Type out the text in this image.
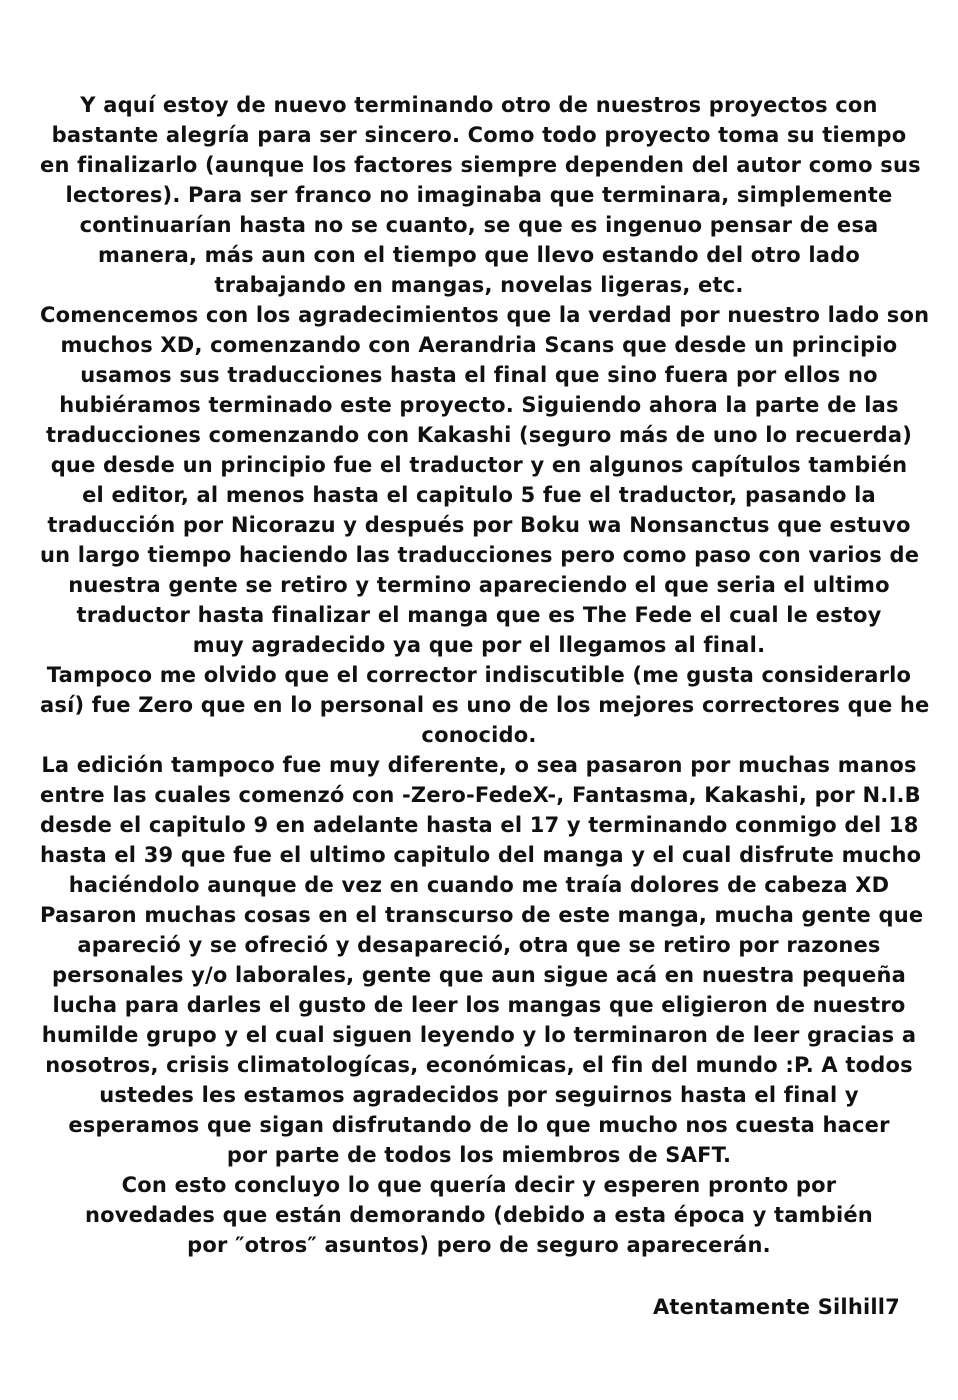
Y aquí estoy de nuevo terminando otro de nuestros proyectos con
bastante alegría para ser sincero. Como todo proyecto toma su tiempo
en finalizarlo (aunque los factores siempre dependen del autor como sus
lectores). Para ser franco no imaginaba que terminara, simplemente
continuarían hasta no se cuanto, se que es ingenuo pensar de esa
manera, más aun con el tiempo que llevo estando del otro lado
trabajando en mangas, novelas ligeras, etc.
Comencemos con los agradecimientos que la verdad por nuestro lado son
muchos XD, comenzando con Aerandria Scans que desde un principio
usamos sus traducciones hasta el final que sino fuera por ellos no
hubiéramos terminado este proyecto. Siguiendo ahora la parte de las
traducciones comenzando con Kakashi (seguro más de uno lo recuerda)
que desde un principio fue el traductor y en algunos capítulos también
el editor, al menos hasta el capitulo 5 fue el traductor, pasando la
traducción por Nicorazu y después por Boku wa Nonsanctus que estuvo
un largo tiempo haciendo las traducciones pero como paso con varios de
nuestra gente se retiro y termino apareciendo el que seria el ultimo
traductor hasta finalizar el manga que es The Fede el cual le estoy
muy agradecido ya que por el llegamos al final.
Tampoco me olvido que el corrector indiscutible (me gusta considerarlo
así) fue Zero que en lo personal es uno de los mejores correctores que he
conocido.
La edición tampoco fue muy diferente, o sea pasaron por muchas manos
entre las cuales comenzó con -Zero-FedeX-, Fantasma, Kakashi, por N.I.B
desde el capitulo 9 en adelante hasta el 17 y terminando conmigo del 18
hasta el 39 que fue el ultimo capitulo del manga y el cual disfrute mucho
haciéndolo aunque de vez en cuando me traía dolores de cabeza XD
Pasaron muchas cosas en el transcurso de este manga, mucha gente que
apareció y se ofreció y desapareció, otra que se retiro por razones
personales y/o laborales, gente que aun sigue acá en nuestra pequeña
lucha para darles el gusto de leer los mangas que eligieron de nuestro
humilde grupo y el cual siguen leyendo y lo terminaron de leer gracias a
nosotros, crisis climatologícas, económicas, el fin del mundo :P. A todos
ustedes les estamos agradecidos por seguirnos hasta el final y
esperamos que sigan disfrutando de lo que mucho nos cuesta hacer
por parte de todos los miembros de SAFT.
Con esto concluyo lo que quería decir y esperen pronto por
novedades que están demorando (debido a esta época y también
por ″otros″ asuntos) pero de seguro aparecerán.
Atentamente Silhill7
